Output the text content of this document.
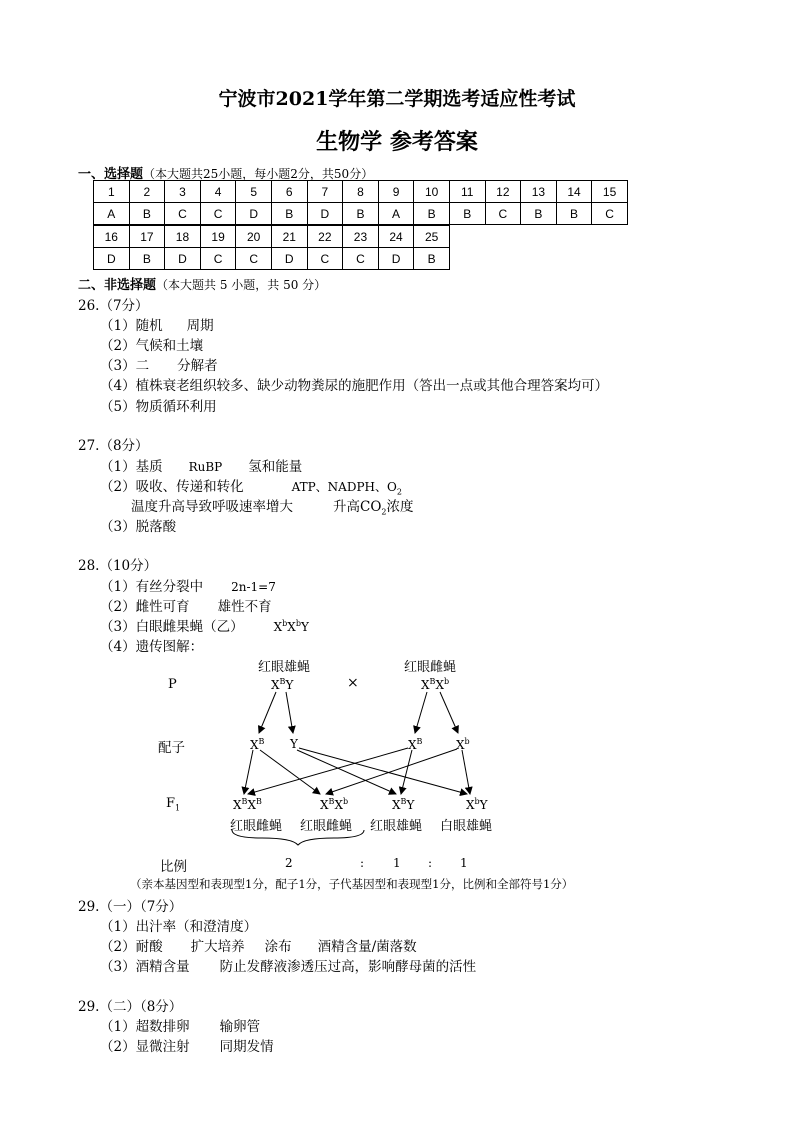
宁波市2021学年第二学期选考适应性考试
生物学 参考答案
一、选择题（本大题共25小题，每小题2分，共50分）
1	2	3	4	5	6	7	8	9	10	11	12	13	14	15
A	B	C	C	D	B	D	B	A	B	B	C	B	B	C
16	17	18	19	20	21	22	23	24	25
D	B	D	C	C	D	C	C	D	B
二、非选择题（本大题共 5 小题，共 50 分）
26.（7分）
（1）随机 周期
（2）气候和土壤
（3）二 分解者
（4）植株衰老组织较多、缺少动物粪尿的施肥作用（答出一点或其他合理答案均可）
（5）物质循环利用
27.（8分）
（1）基质 RuBP 氢和能量
（2）吸收、传递和转化	ATP、NADPH、$O_2$
温度升高导致呼吸速率增大	升高$CO_2$浓度
（3）脱落酸
28.（10分）
（1）有丝分裂中 2n-1=7
（2）雌性可育 雄性不育
（3）白眼雌果蝇（乙）	$X^bX^bY$
（4）遗传图解：
红眼雄蝇	红眼雌蝇
P	$X^BY$	×	$X^BX^b$
配子	$X^B$ Y	$X^B$	$X^b$
$F_1$	$X^BX^B$	$X^BX^b$	$X^BY$	$X^bY$
红眼雌蝇 红眼雌蝇 红眼雄蝇 白眼雄蝇
比例	2	: 1 : 1
（亲本基因型和表现型1分，配子1分，子代基因型和表现型1分，比例和全部符号1分）
29.（一）（7分）
（1）出汁率（和澄清度）
（2）耐酸 扩大培养 涂布 酒精含量/菌落数
（3）酒精含量 防止发酵液渗透压过高，影响酵母菌的活性
29.（二）（8分）
（1）超数排卵 输卵管
（2）显微注射 同期发情
